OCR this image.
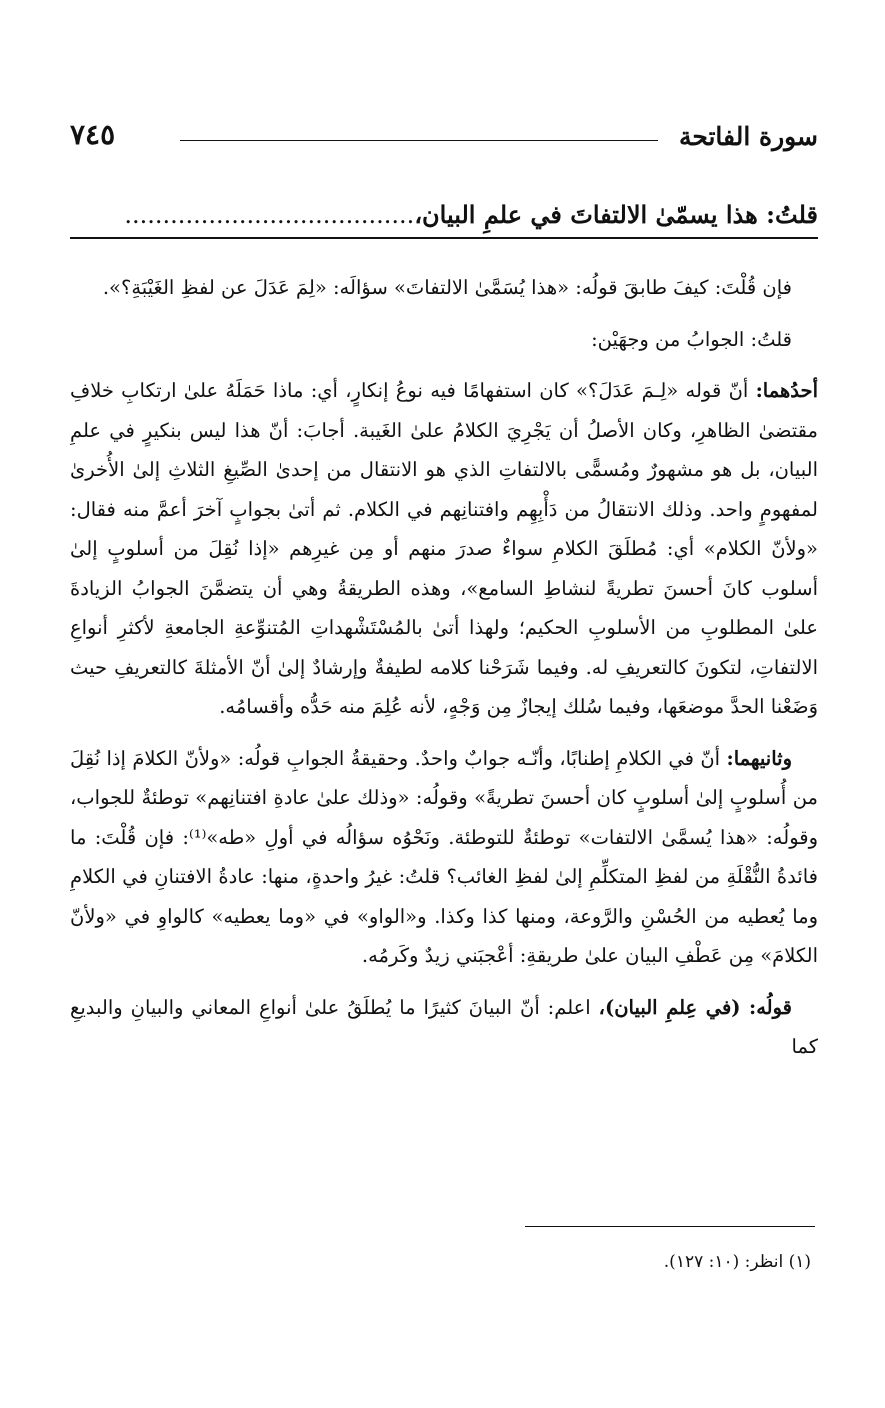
سورة الفاتحة
٧٤٥
قلتُ: هذا يسمّىٰ الالتفاتَ في علمِ البيان،......................................

فإن قُلْتَ: كيفَ طابقَ قولُه: «هذا يُسَمَّىٰ الالتفاتَ» سؤالَه: «لِمَ عَدَلَ عن لفظِ الغَيْبَةِ؟».

قلتُ: الجوابُ من وجهَيْن:

أحدُهما: أنّ قوله «لِـمَ عَدَلَ؟» كان استفهامًا فيه نوعُ إنكارٍ، أي: ماذا حَمَلَهُ علىٰ ارتكابِ خلافِ مقتضىٰ الظاهرِ، وكان الأصلُ أن يَجْرِيَ الكلامُ علىٰ الغَيبة. أجابَ: أنّ هذا ليس بنكيرٍ في علمِ البيان، بل هو مشهورٌ ومُسمًّى بالالتفاتِ الذي هو الانتقال من إحدىٰ الصِّيغِ الثلاثِ إلىٰ الأُخرىٰ لمفهومٍ واحد. وذلك الانتقالُ من دَأْبِهِم وافتنانِهم في الكلام. ثم أتىٰ بجوابٍ آخرَ أعمَّ منه فقال: «ولأنّ الكلام» أي: مُطلَقَ الكلامِ سواءٌ صدرَ منهم أو مِن غيرِهم «إذا نُقِلَ من أسلوبٍ إلىٰ أسلوب كانَ أحسنَ تطريةً لنشاطِ السامع»، وهذه الطريقةُ وهي أن يتضمَّنَ الجوابُ الزيادةَ علىٰ المطلوبِ من الأسلوبِ الحكيم؛ ولهذا أتىٰ بالمُسْتَشْهداتِ المُتنوِّعةِ الجامعةِ لأكثرِ أنواعِ الالتفاتِ، لتكونَ كالتعريفِ له. وفيما شَرَحْنا كلامه لطيفةٌ وإرشادٌ إلىٰ أنّ الأمثلةَ كالتعريفِ حيث وَضَعْنا الحدَّ موضعَها، وفيما سُلك إيجازٌ مِن وَجْهٍ، لأنه عُلِمَ منه حَدُّه وأقسامُه.

وثانيهما: أنّ في الكلامِ إطنابًا، وأنّـه جوابٌ واحدٌ. وحقيقةُ الجوابِ قولُه: «ولأنّ الكلامَ إذا نُقِلَ من أُسلوبٍ إلىٰ أسلوبٍ كان أحسنَ تطريةً» وقولُه: «وذلك علىٰ عادةِ افتنانِهم» توطئةٌ للجواب، وقولُه: «هذا يُسمَّىٰ الالتفات» توطئةٌ للتوطئة. ونَحْوُه سؤالُه في أولِ «طه»⁽¹⁾: فإن قُلْتَ: ما فائدةُ النُّقْلَةِ من لفظِ المتكلِّمِ إلىٰ لفظِ الغائب؟ قلتُ: غيرُ واحدةٍ، منها: عادةُ الافتنانِ في الكلامِ وما يُعطيه من الحُسْنِ والرَّوعة، ومنها كذا وكذا. و«الواو» في «وما يعطيه» كالواوِ في «ولأنّ الكلامَ» مِن عَطْفِ البيان علىٰ طريقةِ: أعْجبَني زيدٌ وكَرمُه.

قولُه: (في عِلمِ البيان)، اعلم: أنّ البيانَ كثيرًا ما يُطلَقُ علىٰ أنواعِ المعاني والبيانِ والبديعِ كما

(١) انظر: (١٠: ١٢٧).
